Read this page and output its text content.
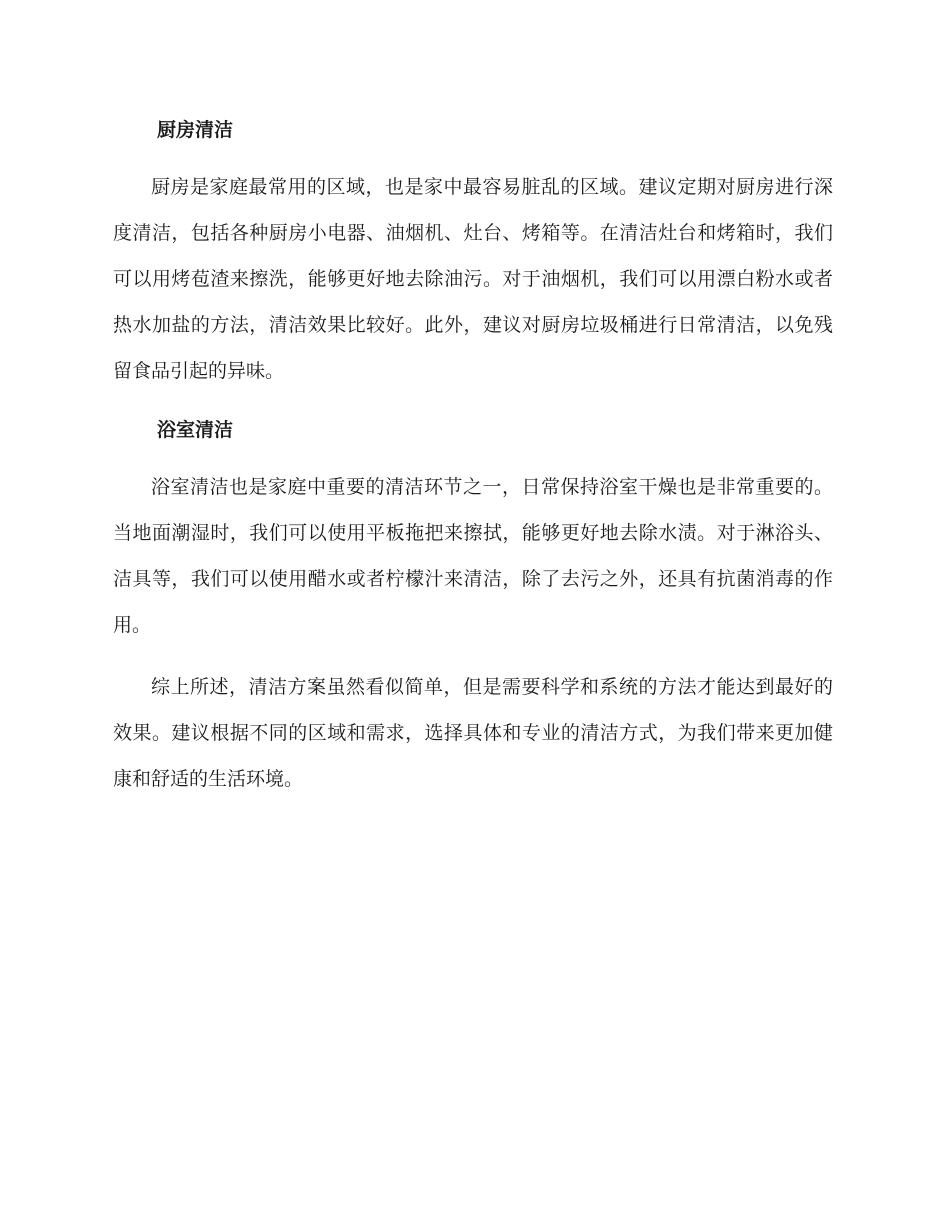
厨房清洁

厨房是家庭最常用的区域，也是家中最容易脏乱的区域。建议定期对厨房进行深度清洁，包括各种厨房小电器、油烟机、灶台、烤箱等。在清洁灶台和烤箱时，我们可以用烤苞渣来擦洗，能够更好地去除油污。对于油烟机，我们可以用漂白粉水或者热水加盐的方法，清洁效果比较好。此外，建议对厨房垃圾桶进行日常清洁，以免残留食品引起的异味。

浴室清洁

浴室清洁也是家庭中重要的清洁环节之一，日常保持浴室干燥也是非常重要的。当地面潮湿时，我们可以使用平板拖把来擦拭，能够更好地去除水渍。对于淋浴头、洁具等，我们可以使用醋水或者柠檬汁来清洁，除了去污之外，还具有抗菌消毒的作用。

综上所述，清洁方案虽然看似简单，但是需要科学和系统的方法才能达到最好的效果。建议根据不同的区域和需求，选择具体和专业的清洁方式，为我们带来更加健康和舒适的生活环境。
